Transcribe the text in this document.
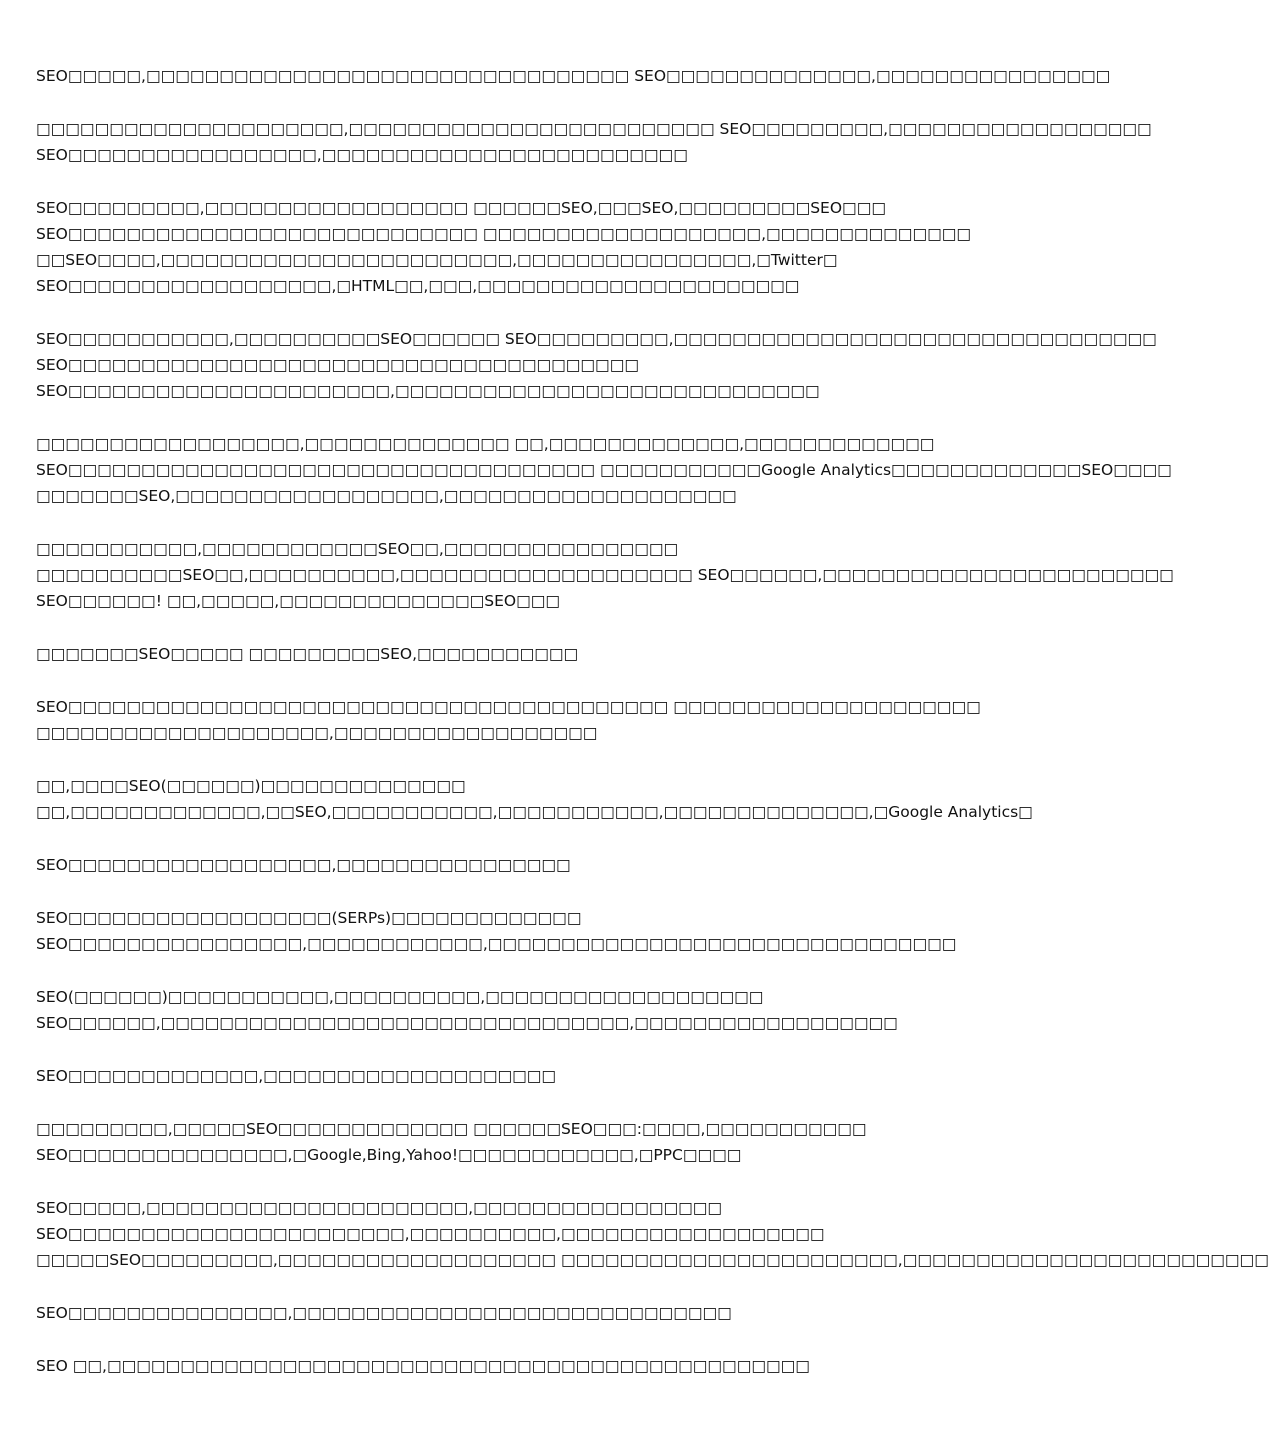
SEO□□□□□,□□□□□□□□□□□□□□□□□□□□□□□□□□□□□□□□□ SEO□□□□□□□□□□□□□□,□□□□□□□□□□□□□□□□
□□□□□□□□□□□□□□□□□□□□□,□□□□□□□□□□□□□□□□□□□□□□□□□ SEO□□□□□□□□□,□□□□□□□□□□□□□□□□□□
SEO□□□□□□□□□□□□□□□□□,□□□□□□□□□□□□□□□□□□□□□□□□□
SEO□□□□□□□□□,□□□□□□□□□□□□□□□□□□ □□□□□□SEO,□□□SEO,□□□□□□□□□SEO□□□
SEO□□□□□□□□□□□□□□□□□□□□□□□□□□□□ □□□□□□□□□□□□□□□□□□□,□□□□□□□□□□□□□□
□□SEO□□□□,□□□□□□□□□□□□□□□□□□□□□□□□,□□□□□□□□□□□□□□□□,□Twitter□
SEO□□□□□□□□□□□□□□□□□□,□HTML□□,□□□,□□□□□□□□□□□□□□□□□□□□□□
SEO□□□□□□□□□□□,□□□□□□□□□□SEO□□□□□□ SEO□□□□□□□□□,□□□□□□□□□□□□□□□□□□□□□□□□□□□□□□□□□
SEO□□□□□□□□□□□□□□□□□□□□□□□□□□□□□□□□□□□□□□□
SEO□□□□□□□□□□□□□□□□□□□□□□,□□□□□□□□□□□□□□□□□□□□□□□□□□□□□
□□□□□□□□□□□□□□□□□□,□□□□□□□□□□□□□□ □□,□□□□□□□□□□□□□,□□□□□□□□□□□□□
SEO□□□□□□□□□□□□□□□□□□□□□□□□□□□□□□□□□□□□ □□□□□□□□□□□Google Analytics□□□□□□□□□□□□□SEO□□□□
□□□□□□□SEO,□□□□□□□□□□□□□□□□□□,□□□□□□□□□□□□□□□□□□□□
□□□□□□□□□□□,□□□□□□□□□□□□SEO□□,□□□□□□□□□□□□□□□□
□□□□□□□□□□SEO□□,□□□□□□□□□□,□□□□□□□□□□□□□□□□□□□□ SEO□□□□□□,□□□□□□□□□□□□□□□□□□□□□□□□
SEO□□□□□□! □□,□□□□□,□□□□□□□□□□□□□□SEO□□□
□□□□□□□SEO□□□□□ □□□□□□□□□SEO,□□□□□□□□□□□
SEO□□□□□□□□□□□□□□□□□□□□□□□□□□□□□□□□□□□□□□□□□ □□□□□□□□□□□□□□□□□□□□□
□□□□□□□□□□□□□□□□□□□□,□□□□□□□□□□□□□□□□□□
□□,□□□□SEO(□□□□□□)□□□□□□□□□□□□□□
□□,□□□□□□□□□□□□□,□□SEO,□□□□□□□□□□□,□□□□□□□□□□□,□□□□□□□□□□□□□□,□Google Analytics□
SEO□□□□□□□□□□□□□□□□□□,□□□□□□□□□□□□□□□□
SEO□□□□□□□□□□□□□□□□□□(SERPs)□□□□□□□□□□□□□
SEO□□□□□□□□□□□□□□□□,□□□□□□□□□□□□,□□□□□□□□□□□□□□□□□□□□□□□□□□□□□□□□
SEO(□□□□□□)□□□□□□□□□□□,□□□□□□□□□□,□□□□□□□□□□□□□□□□□□□
SEO□□□□□□,□□□□□□□□□□□□□□□□□□□□□□□□□□□□□□□□,□□□□□□□□□□□□□□□□□□
SEO□□□□□□□□□□□□□,□□□□□□□□□□□□□□□□□□□□
□□□□□□□□□,□□□□□SEO□□□□□□□□□□□□□ □□□□□□SEO□□□:□□□□,□□□□□□□□□□□
SEO□□□□□□□□□□□□□□□,□Google,Bing,Yahoo!□□□□□□□□□□□□,□PPC□□□□
SEO□□□□□,□□□□□□□□□□□□□□□□□□□□□□,□□□□□□□□□□□□□□□□□
SEO□□□□□□□□□□□□□□□□□□□□□□□,□□□□□□□□□□,□□□□□□□□□□□□□□□□□□
□□□□□SEO□□□□□□□□□,□□□□□□□□□□□□□□□□□□□ □□□□□□□□□□□□□□□□□□□□□□□,□□□□□□□□□□□□□□□□□□□□□□□□□
SEO□□□□□□□□□□□□□□□,□□□□□□□□□□□□□□□□□□□□□□□□□□□□□□
SEO □□,□□□□□□□□□□□□□□□□□□□□□□□□□□□□□□□□□□□□□□□□□□□□□□□□
